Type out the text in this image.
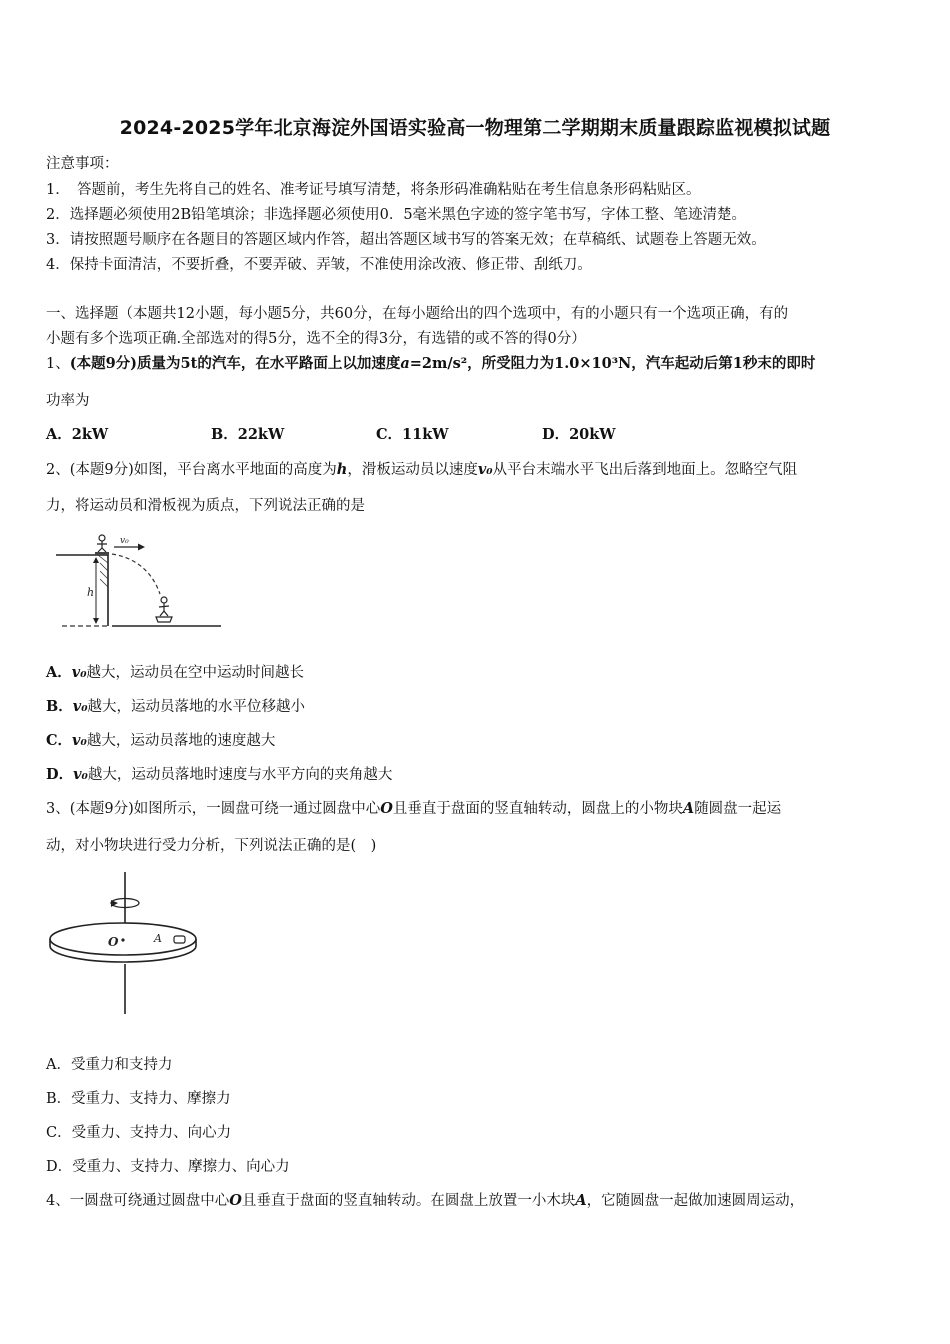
2024-2025学年北京海淀外国语实验高一物理第二学期期末质量跟踪监视模拟试题
注意事项：
1．　答题前，考生先将自己的姓名、准考证号填写清楚，将条形码准确粘贴在考生信息条形码粘贴区。
2．选择题必须使用2B铅笔填涂；非选择题必须使用0．5毫米黑色字迹的签字笔书写，字体工整、笔迹清楚。
3．请按照题号顺序在各题目的答题区域内作答，超出答题区域书写的答案无效；在草稿纸、试题卷上答题无效。
4．保持卡面清洁，不要折叠，不要弄破、弄皱，不准使用涂改液、修正带、刮纸刀。
一、选择题（本题共12小题，每小题5分，共60分，在每小题给出的四个选项中，有的小题只有一个选项正确，有的
小题有多个选项正确.全部选对的得5分，选不全的得3分，有选错的或不答的得0分）
1、(本题9分)质量为5t的汽车，在水平路面上以加速度a=2m/s²，所受阻力为1.0×10³N，汽车起动后第1秒末的即时
功率为
A．2kW	B．22kW	C．11kW	D．20kW
2、(本题9分)如图，平台离水平地面的高度为h，滑板运动员以速度v₀从平台末端水平飞出后落到地面上。忽略空气阻
力，将运动员和滑板视为质点，下列说法正确的是
v₀
h
A．v₀越大，运动员在空中运动时间越长
B．v₀越大，运动员落地的水平位移越小
C．v₀越大，运动员落地的速度越大
D．v₀越大，运动员落地时速度与水平方向的夹角越大
3、(本题9分)如图所示，一圆盘可绕一通过圆盘中心O且垂直于盘面的竖直轴转动，圆盘上的小物块A随圆盘一起运
动，对小物块进行受力分析，下列说法正确的是(　)
O	A
A．受重力和支持力
B．受重力、支持力、摩擦力
C．受重力、支持力、向心力
D．受重力、支持力、摩擦力、向心力
4、一圆盘可绕通过圆盘中心O且垂直于盘面的竖直轴转动。在圆盘上放置一小木块A，它随圆盘一起做加速圆周运动，
